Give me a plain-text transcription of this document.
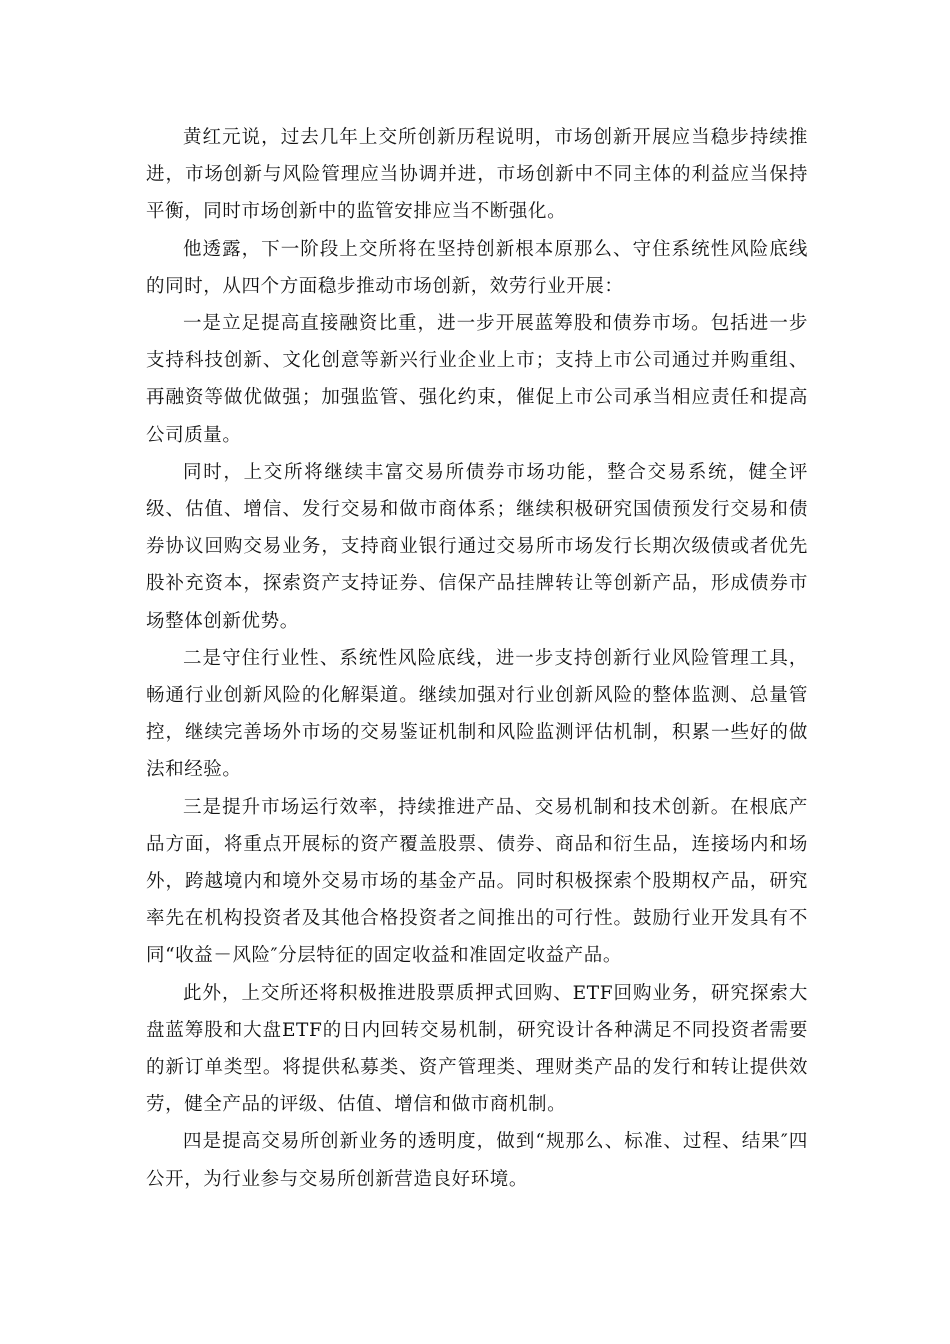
黄红元说，过去几年上交所创新历程说明，市场创新开展应当稳步持续推进，市场创新与风险管理应当协调并进，市场创新中不同主体的利益应当保持平衡，同时市场创新中的监管安排应当不断强化。

他透露，下一阶段上交所将在坚持创新根本原那么、守住系统性风险底线的同时，从四个方面稳步推动市场创新，效劳行业开展：

一是立足提高直接融资比重，进一步开展蓝筹股和债券市场。包括进一步支持科技创新、文化创意等新兴行业企业上市；支持上市公司通过并购重组、再融资等做优做强；加强监管、强化约束，催促上市公司承当相应责任和提高公司质量。

同时，上交所将继续丰富交易所债券市场功能，整合交易系统，健全评级、估值、增信、发行交易和做市商体系；继续积极研究国债预发行交易和债券协议回购交易业务，支持商业银行通过交易所市场发行长期次级债或者优先股补充资本，探索资产支持证券、信保产品挂牌转让等创新产品，形成债券市场整体创新优势。

二是守住行业性、系统性风险底线，进一步支持创新行业风险管理工具，畅通行业创新风险的化解渠道。继续加强对行业创新风险的整体监测、总量管控，继续完善场外市场的交易鉴证机制和风险监测评估机制，积累一些好的做法和经验。

三是提升市场运行效率，持续推进产品、交易机制和技术创新。在根底产品方面，将重点开展标的资产覆盖股票、债券、商品和衍生品，连接场内和场外，跨越境内和境外交易市场的基金产品。同时积极探索个股期权产品，研究率先在机构投资者及其他合格投资者之间推出的可行性。鼓励行业开发具有不同“收益－风险″分层特征的固定收益和准固定收益产品。

此外，上交所还将积极推进股票质押式回购、ETF回购业务，研究探索大盘蓝筹股和大盘ETF的日内回转交易机制，研究设计各种满足不同投资者需要的新订单类型。将提供私募类、资产管理类、理财类产品的发行和转让提供效劳，健全产品的评级、估值、增信和做市商机制。

四是提高交易所创新业务的透明度，做到“规那么、标准、过程、结果″四公开，为行业参与交易所创新营造良好环境。
